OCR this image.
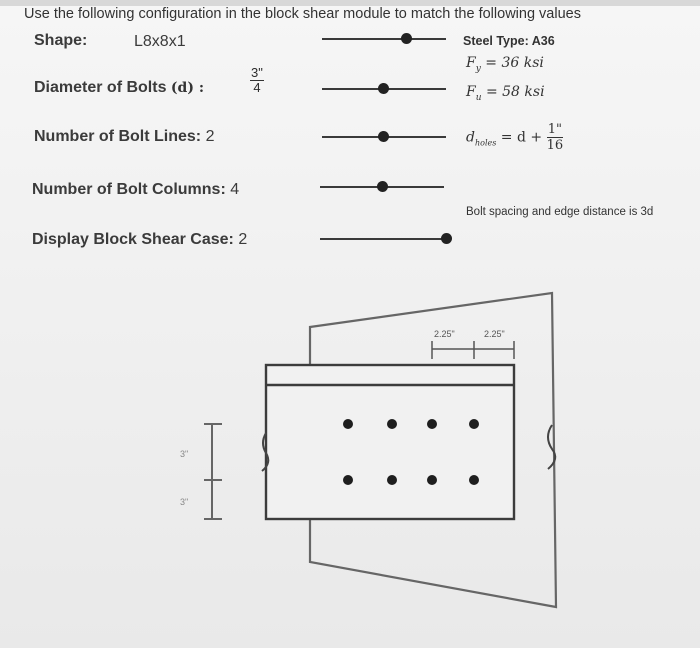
Use the following configuration in the block shear module to match the following values
Shape:	L8x8x1
Diameter of Bolts (d) :	$\frac{3"}{4}$
Number of Bolt Lines: 2
Number of Bolt Columns: 4
Display Block Shear Case: 2
Steel Type: A36
$F_y = 36$ ksi
$F_u = 58$ ksi
$d_{holes} = d + \frac{1"}{16}$
Bolt spacing and edge distance is 3d
2.25"	2.25"
3"
3"
